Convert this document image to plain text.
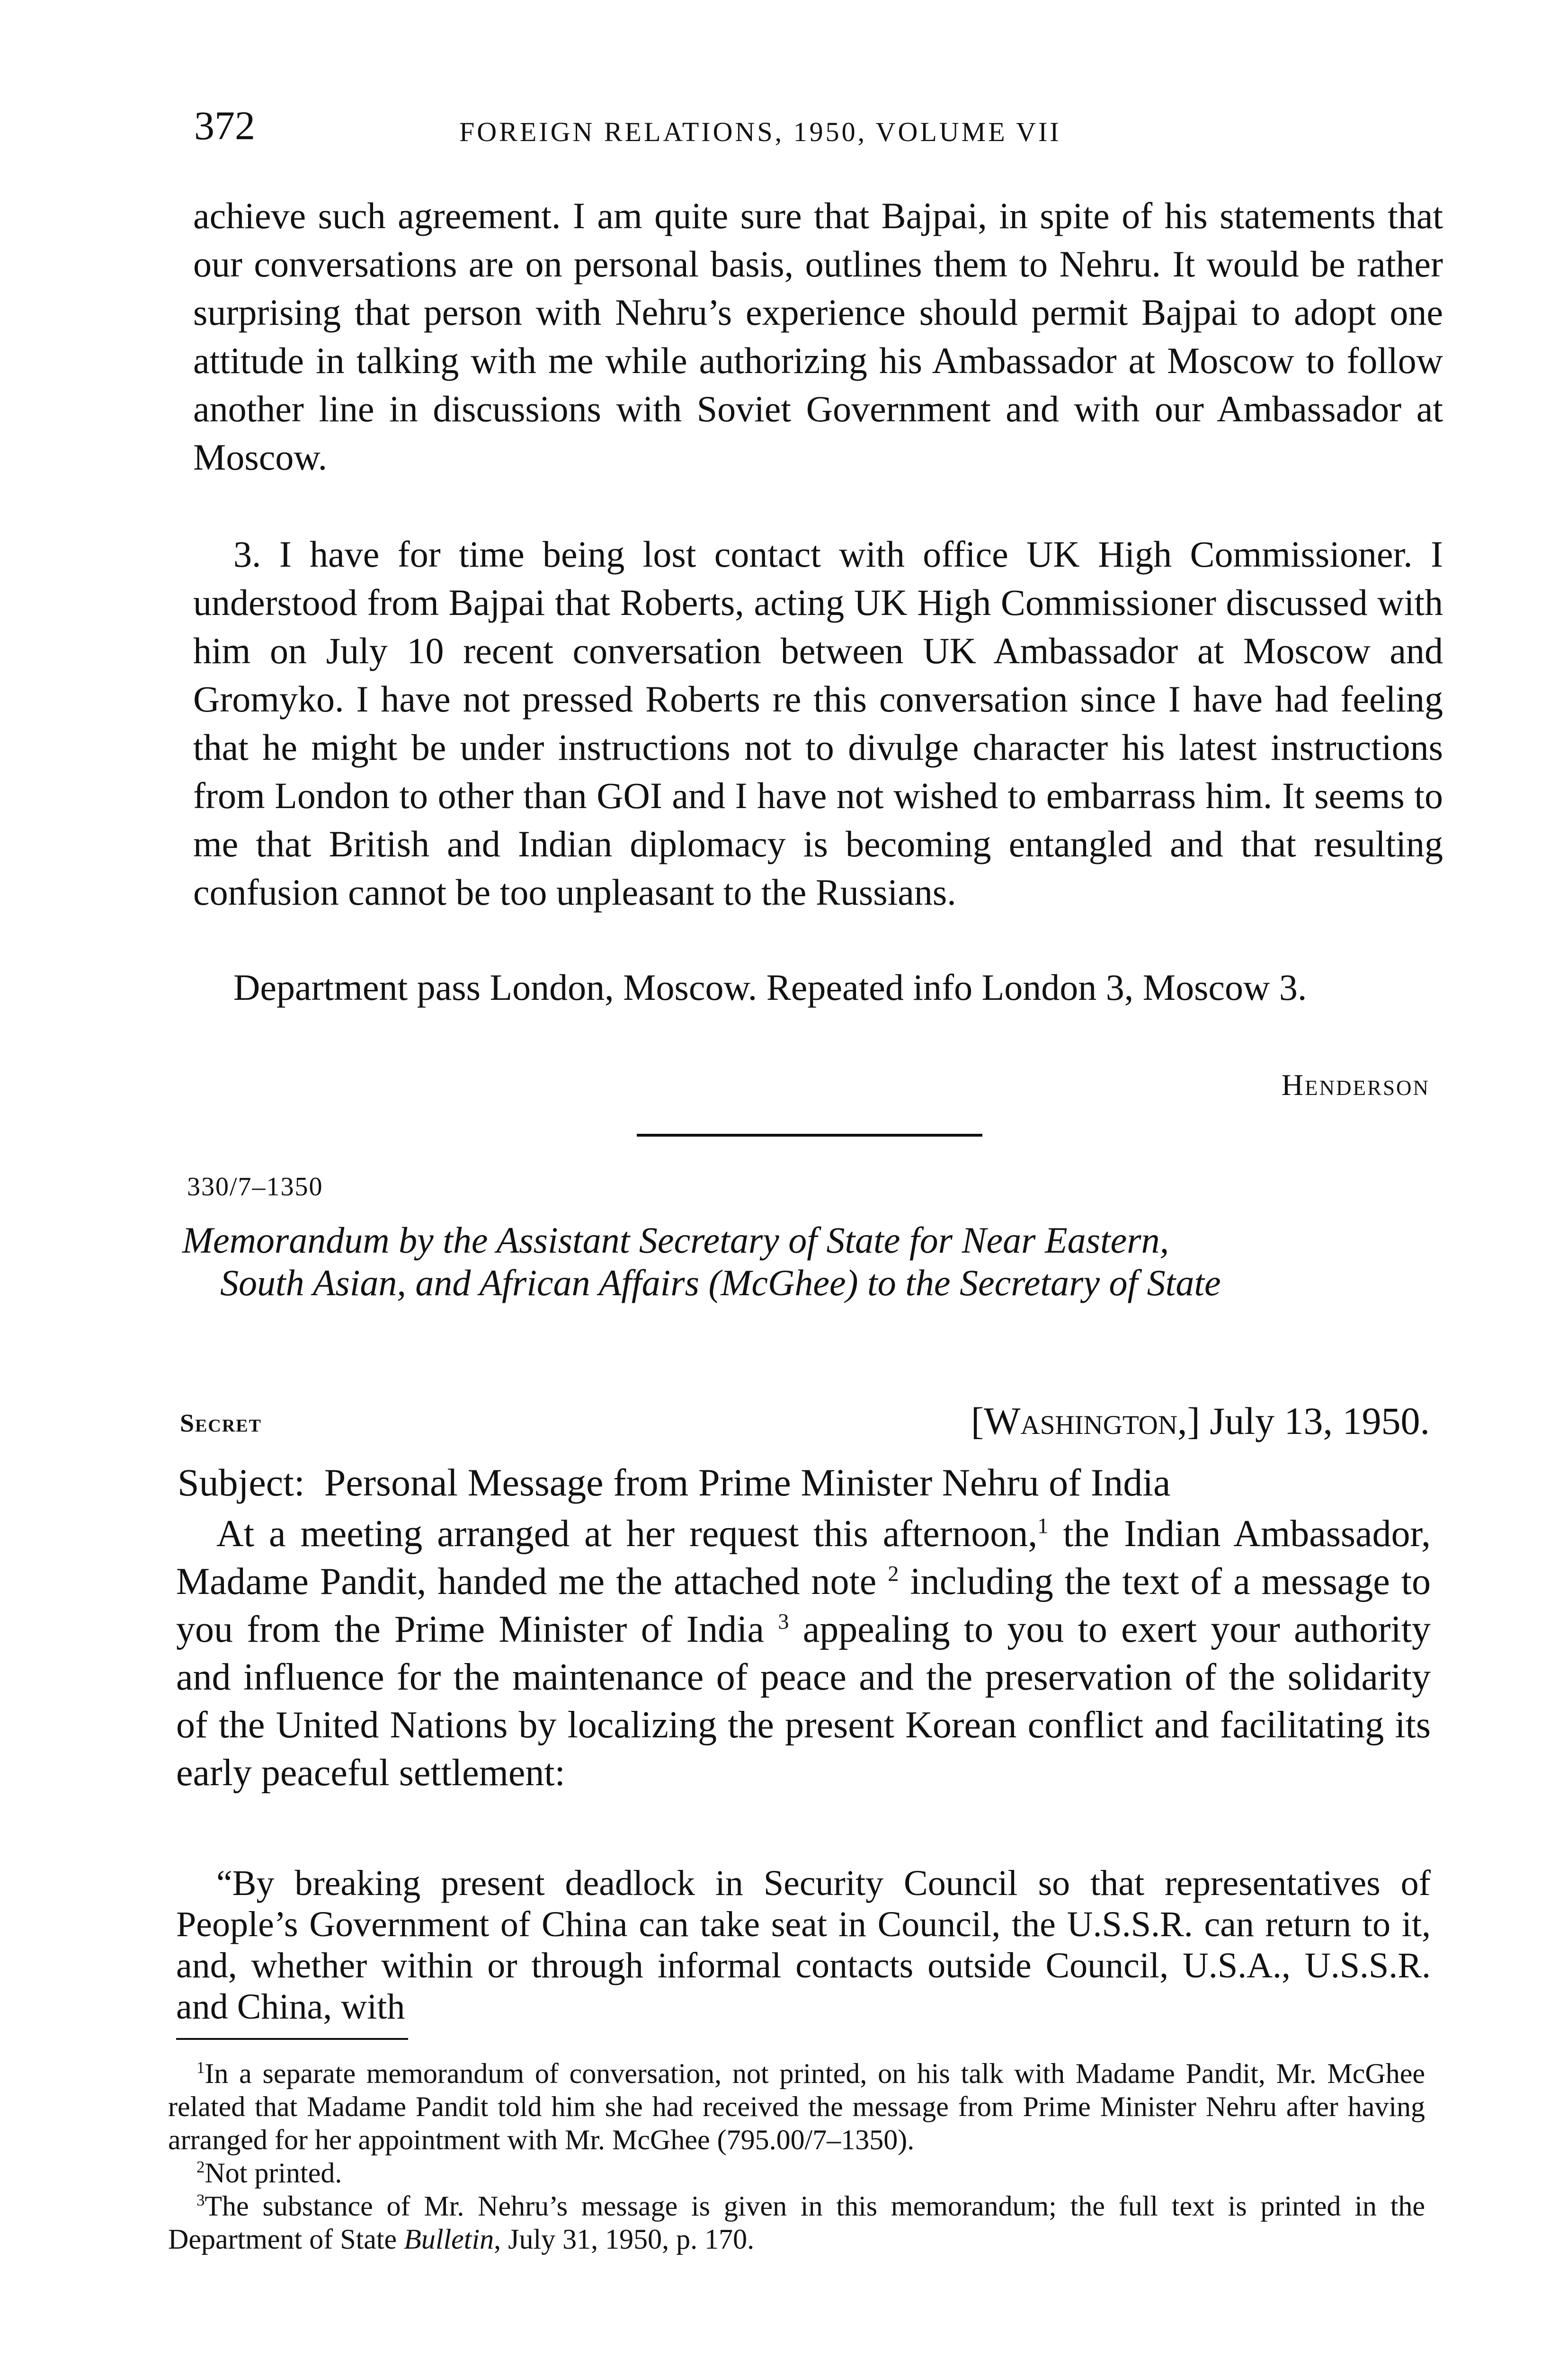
372	FOREIGN RELATIONS, 1950, VOLUME VII

achieve such agreement. I am quite sure that Bajpai, in spite of his statements that our conversations are on personal basis, outlines them to Nehru. It would be rather surprising that person with Nehru’s experience should permit Bajpai to adopt one attitude in talking with me while authorizing his Ambassador at Moscow to follow another line in discussions with Soviet Government and with our Ambassador at Moscow.

3. I have for time being lost contact with office UK High Commissioner. I understood from Bajpai that Roberts, acting UK High Commissioner discussed with him on July 10 recent conversation between UK Ambassador at Moscow and Gromyko. I have not pressed Roberts re this conversation since I have had feeling that he might be under instructions not to divulge character his latest instructions from London to other than GOI and I have not wished to embarrass him. It seems to me that British and Indian diplomacy is becoming entangled and that resulting confusion cannot be too unpleasant to the Russians.

Department pass London, Moscow. Repeated info London 3, Moscow 3.

Henderson
330/7–1350

Memorandum by the Assistant Secretary of State for Near Eastern,
South Asian, and African Affairs (McGhee) to the Secretary of State

Secret	[Washington,] July 13, 1950.

Subject: Personal Message from Prime Minister Nehru of India

At a meeting arranged at her request this afternoon,$^1$ the Indian Ambassador, Madame Pandit, handed me the attached note $^2$ including the text of a message to you from the Prime Minister of India $^3$ appealing to you to exert your authority and influence for the maintenance of peace and the preservation of the solidarity of the United Nations by localizing the present Korean conflict and facilitating its early peaceful settlement:

“By breaking present deadlock in Security Council so that representatives of People’s Government of China can take seat in Council, the U.S.S.R. can return to it, and, whether within or through informal contacts outside Council, U.S.A., U.S.S.R. and China, with

$^1$In a separate memorandum of conversation, not printed, on his talk with Madame Pandit, Mr. McGhee related that Madame Pandit told him she had received the message from Prime Minister Nehru after having arranged for her appointment with Mr. McGhee (795.00/7–1350).

$^2$Not printed.

$^3$The substance of Mr. Nehru’s message is given in this memorandum; the full text is printed in the Department of State Bulletin, July 31, 1950, p. 170.
